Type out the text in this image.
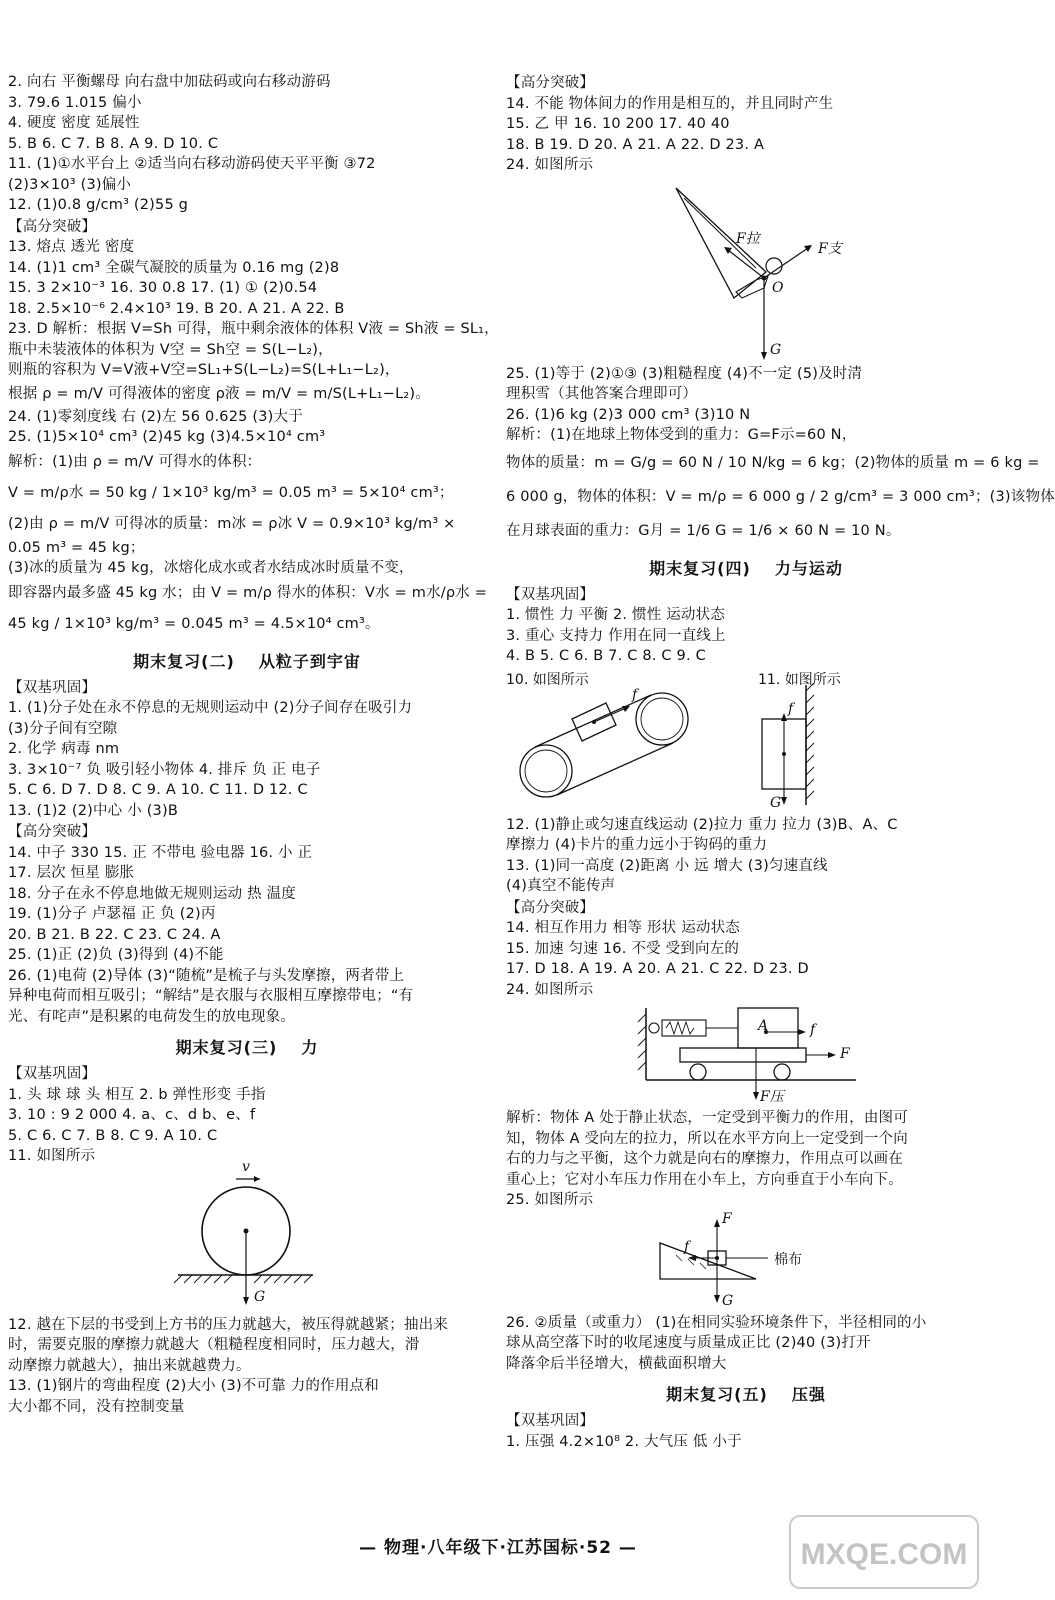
2. 向右 平衡螺母 向右盘中加砝码或向右移动游码
3. 79.6 1.015 偏小
4. 硬度 密度 延展性
5. B 6. C 7. B 8. A 9. D 10. C
11. (1)①水平台上 ②适当向右移动游码使天平平衡 ③72
(2)3×10³ (3)偏小
12. (1)0.8 g/cm³ (2)55 g
【高分突破】
13. 熔点 透光 密度
14. (1)1 cm³ 全碳气凝胶的质量为 0.16 mg (2)8
15. 3 2×10⁻³ 16. 30 0.8 17. (1) ① (2)0.54
18. 2.5×10⁻⁶ 2.4×10³ 19. B 20. A 21. A 22. B
23. D 解析：根据 V=Sh 可得，瓶中剩余液体的体积 V液 = Sh液 = SL₁，
瓶中未装液体的体积为 V空 = Sh空 = S(L−L₂)，
则瓶的容积为 V=V液+V空=SL₁+S(L−L₂)=S(L+L₁−L₂)，
根据 ρ = m/V 可得液体的密度 ρ液 = m/V = m/S(L+L₁−L₂)。
24. (1)零刻度线 右 (2)左 56 0.625 (3)大于
25. (1)5×10⁴ cm³ (2)45 kg (3)4.5×10⁴ cm³
解析：(1)由 ρ = m/V 可得水的体积：
V = m/ρ水 = 50 kg / 1×10³ kg/m³ = 0.05 m³ = 5×10⁴ cm³；
(2)由 ρ = m/V 可得冰的质量：m冰 = ρ冰 V = 0.9×10³ kg/m³ ×
0.05 m³ = 45 kg；
(3)冰的质量为 45 kg，冰熔化成水或者水结成冰时质量不变，
即容器内最多盛 45 kg 水；由 V = m/ρ 得水的体积：V水 = m水/ρ水 =
45 kg / 1×10³ kg/m³ = 0.045 m³ = 4.5×10⁴ cm³。
期末复习(二) 从粒子到宇宙
【双基巩固】
1. (1)分子处在永不停息的无规则运动中 (2)分子间存在吸引力
(3)分子间有空隙
2. 化学 病毒 nm
3. 3×10⁻⁷ 负 吸引轻小物体 4. 排斥 负 正 电子
5. C 6. D 7. D 8. C 9. A 10. C 11. D 12. C
13. (1)2 (2)中心 小 (3)B
【高分突破】
14. 中子 330 15. 正 不带电 验电器 16. 小 正
17. 层次 恒星 膨胀
18. 分子在永不停息地做无规则运动 热 温度
19. (1)分子 卢瑟福 正 负 (2)丙
20. B 21. B 22. C 23. C 24. A
25. (1)正 (2)负 (3)得到 (4)不能
26. (1)电荷 (2)导体 (3)“随梳”是梳子与头发摩擦，两者带上
异种电荷而相互吸引；“解结”是衣服与衣服相互摩擦带电；“有
光、有咤声”是积累的电荷发生的放电现象。
期末复习(三) 力
【双基巩固】
1. 头 球 球 头 相互 2. b 弹性形变 手指
3. 10 : 9 2 000 4. a、c、d b、e、f
5. C 6. C 7. B 8. C 9. A 10. C
11. 如图所示
v
G
12. 越在下层的书受到上方书的压力就越大，被压得就越紧；抽出来
时，需要克服的摩擦力就越大（粗糙程度相同时，压力越大，滑
动摩擦力就越大），抽出来就越费力。
13. (1)钢片的弯曲程度 (2)大小 (3)不可靠 力的作用点和
大小都不同，没有控制变量
【高分突破】
14. 不能 物体间力的作用是相互的，并且同时产生
15. 乙 甲 16. 10 200 17. 40 40
18. B 19. D 20. A 21. A 22. D 23. A
24. 如图所示
F拉
F支
O
G
25. (1)等于 (2)①③ (3)粗糙程度 (4)不一定 (5)及时清
理积雪（其他答案合理即可）
26. (1)6 kg (2)3 000 cm³ (3)10 N
解析：(1)在地球上物体受到的重力：G=F示=60 N，
物体的质量：m = G/g = 60 N / 10 N/kg = 6 kg；(2)物体的质量 m = 6 kg =
6 000 g，物体的体积：V = m/ρ = 6 000 g / 2 g/cm³ = 3 000 cm³；(3)该物体
在月球表面的重力：G月 = 1/6 G = 1/6 × 60 N = 10 N。
期末复习(四) 力与运动
【双基巩固】
1. 惯性 力 平衡 2. 惯性 运动状态
3. 重心 支持力 作用在同一直线上
4. B 5. C 6. B 7. C 8. C 9. C
10. 如图所示	11. 如图所示
f
f
G
12. (1)静止或匀速直线运动 (2)拉力 重力 拉力 (3)B、A、C
摩擦力 (4)卡片的重力远小于钩码的重力
13. (1)同一高度 (2)距离 小 远 增大 (3)匀速直线
(4)真空不能传声
【高分突破】
14. 相互作用力 相等 形状 运动状态
15. 加速 匀速 16. 不受 受到向左的
17. D 18. A 19. A 20. A 21. C 22. D 23. D
24. 如图所示
A	f
F
F压
解析：物体 A 处于静止状态，一定受到平衡力的作用，由图可
知，物体 A 受向左的拉力，所以在水平方向上一定受到一个向
右的力与之平衡，这个力就是向右的摩擦力，作用点可以画在
重心上；它对小车压力作用在小车上，方向垂直于小车向下。
25. 如图所示
F
f
G
棉布
26. ②质量（或重力） (1)在相同实验环境条件下，半径相同的小
球从高空落下时的收尾速度与质量成正比 (2)40 (3)打开
降落伞后半径增大，横截面积增大
期末复习(五) 压强
【双基巩固】
1. 压强 4.2×10⁸ 2. 大气压 低 小于
— 物理·八年级下·江苏国标·52 —	MXQE.COM
